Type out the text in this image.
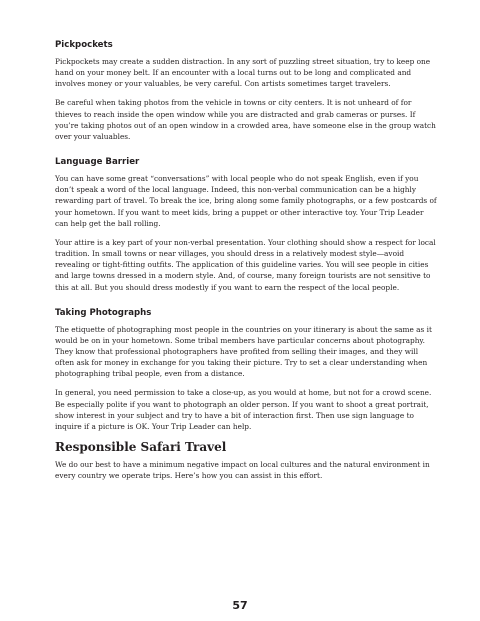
Pickpockets

Pickpockets may create a sudden distraction. In any sort of puzzling street situation, try to keep one hand on your money belt. If an encounter with a local turns out to be long and complicated and involves money or your valuables, be very careful. Con artists sometimes target travelers.

Be careful when taking photos from the vehicle in towns or city centers. It is not unheard of for thieves to reach inside the open window while you are distracted and grab cameras or purses. If you’re taking photos out of an open window in a crowded area, have someone else in the group watch over your valuables.

Language Barrier

You can have some great “conversations” with local people who do not speak English, even if you don’t speak a word of the local language. Indeed, this non-verbal communication can be a highly rewarding part of travel. To break the ice, bring along some family photographs, or a few postcards of your hometown. If you want to meet kids, bring a puppet or other interactive toy. Your Trip Leader can help get the ball rolling.

Your attire is a key part of your non-verbal presentation. Your clothing should show a respect for local tradition. In small towns or near villages, you should dress in a relatively modest style—avoid revealing or tight-fitting outfits. The application of this guideline varies. You will see people in cities and large towns dressed in a modern style. And, of course, many foreign tourists are not sensitive to this at all. But you should dress modestly if you want to earn the respect of the local people.

Taking Photographs

The etiquette of photographing most people in the countries on your itinerary is about the same as it would be on in your hometown. Some tribal members have particular concerns about photography. They know that professional photographers have profited from selling their images, and they will often ask for money in exchange for you taking their picture. Try to set a clear understanding when photographing tribal people, even from a distance.

In general, you need permission to take a close-up, as you would at home, but not for a crowd scene. Be especially polite if you want to photograph an older person. If you want to shoot a great portrait, show interest in your subject and try to have a bit of interaction first. Then use sign language to inquire if a picture is OK. Your Trip Leader can help.

Responsible Safari Travel

We do our best to have a minimum negative impact on local cultures and the natural environment in every country we operate trips. Here’s how you can assist in this effort.

57
